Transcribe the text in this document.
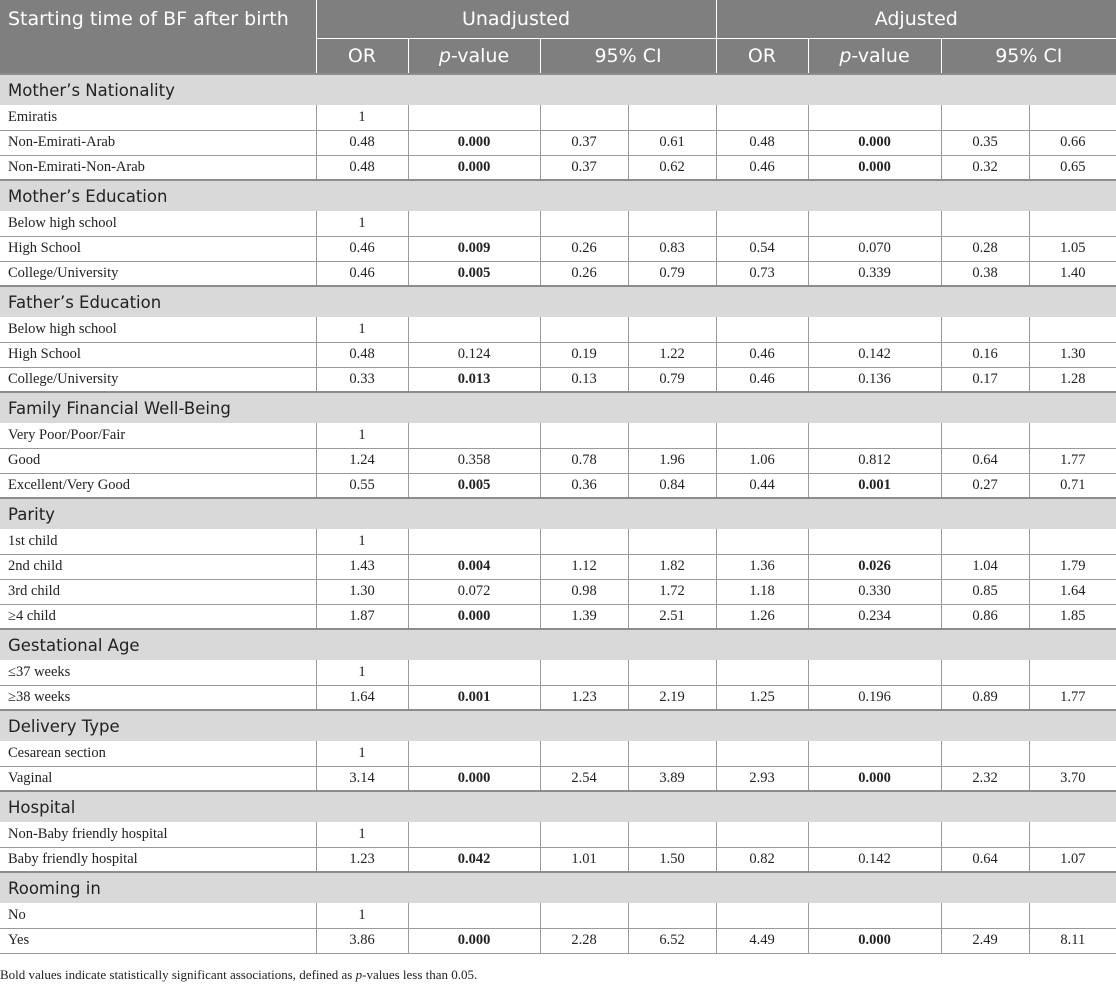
Starting time of BF after birth	Unadjusted				Adjusted			
	OR	p-value	95% CI		OR	p-value	95% CI	
Mother’s Nationality								
Emiratis	1							
Non-Emirati-Arab	0.48	0.000	0.37	0.61	0.48	0.000	0.35	0.66
Non-Emirati-Non-Arab	0.48	0.000	0.37	0.62	0.46	0.000	0.32	0.65
Mother’s Education								
Below high school	1							
High School	0.46	0.009	0.26	0.83	0.54	0.070	0.28	1.05
College/University	0.46	0.005	0.26	0.79	0.73	0.339	0.38	1.40
Father’s Education								
Below high school	1							
High School	0.48	0.124	0.19	1.22	0.46	0.142	0.16	1.30
College/University	0.33	0.013	0.13	0.79	0.46	0.136	0.17	1.28
Family Financial Well-Being								
Very Poor/Poor/Fair	1							
Good	1.24	0.358	0.78	1.96	1.06	0.812	0.64	1.77
Excellent/Very Good	0.55	0.005	0.36	0.84	0.44	0.001	0.27	0.71
Parity								
1st child	1							
2nd child	1.43	0.004	1.12	1.82	1.36	0.026	1.04	1.79
3rd child	1.30	0.072	0.98	1.72	1.18	0.330	0.85	1.64
≥4 child	1.87	0.000	1.39	2.51	1.26	0.234	0.86	1.85
Gestational Age								
≤37 weeks	1							
≥38 weeks	1.64	0.001	1.23	2.19	1.25	0.196	0.89	1.77
Delivery Type								
Cesarean section	1							
Vaginal	3.14	0.000	2.54	3.89	2.93	0.000	2.32	3.70
Hospital								
Non-Baby friendly hospital	1							
Baby friendly hospital	1.23	0.042	1.01	1.50	0.82	0.142	0.64	1.07
Rooming in								
No	1							
Yes	3.86	0.000	2.28	6.52	4.49	0.000	2.49	8.11
Bold values indicate statistically significant associations, defined as p-values less than 0.05.
